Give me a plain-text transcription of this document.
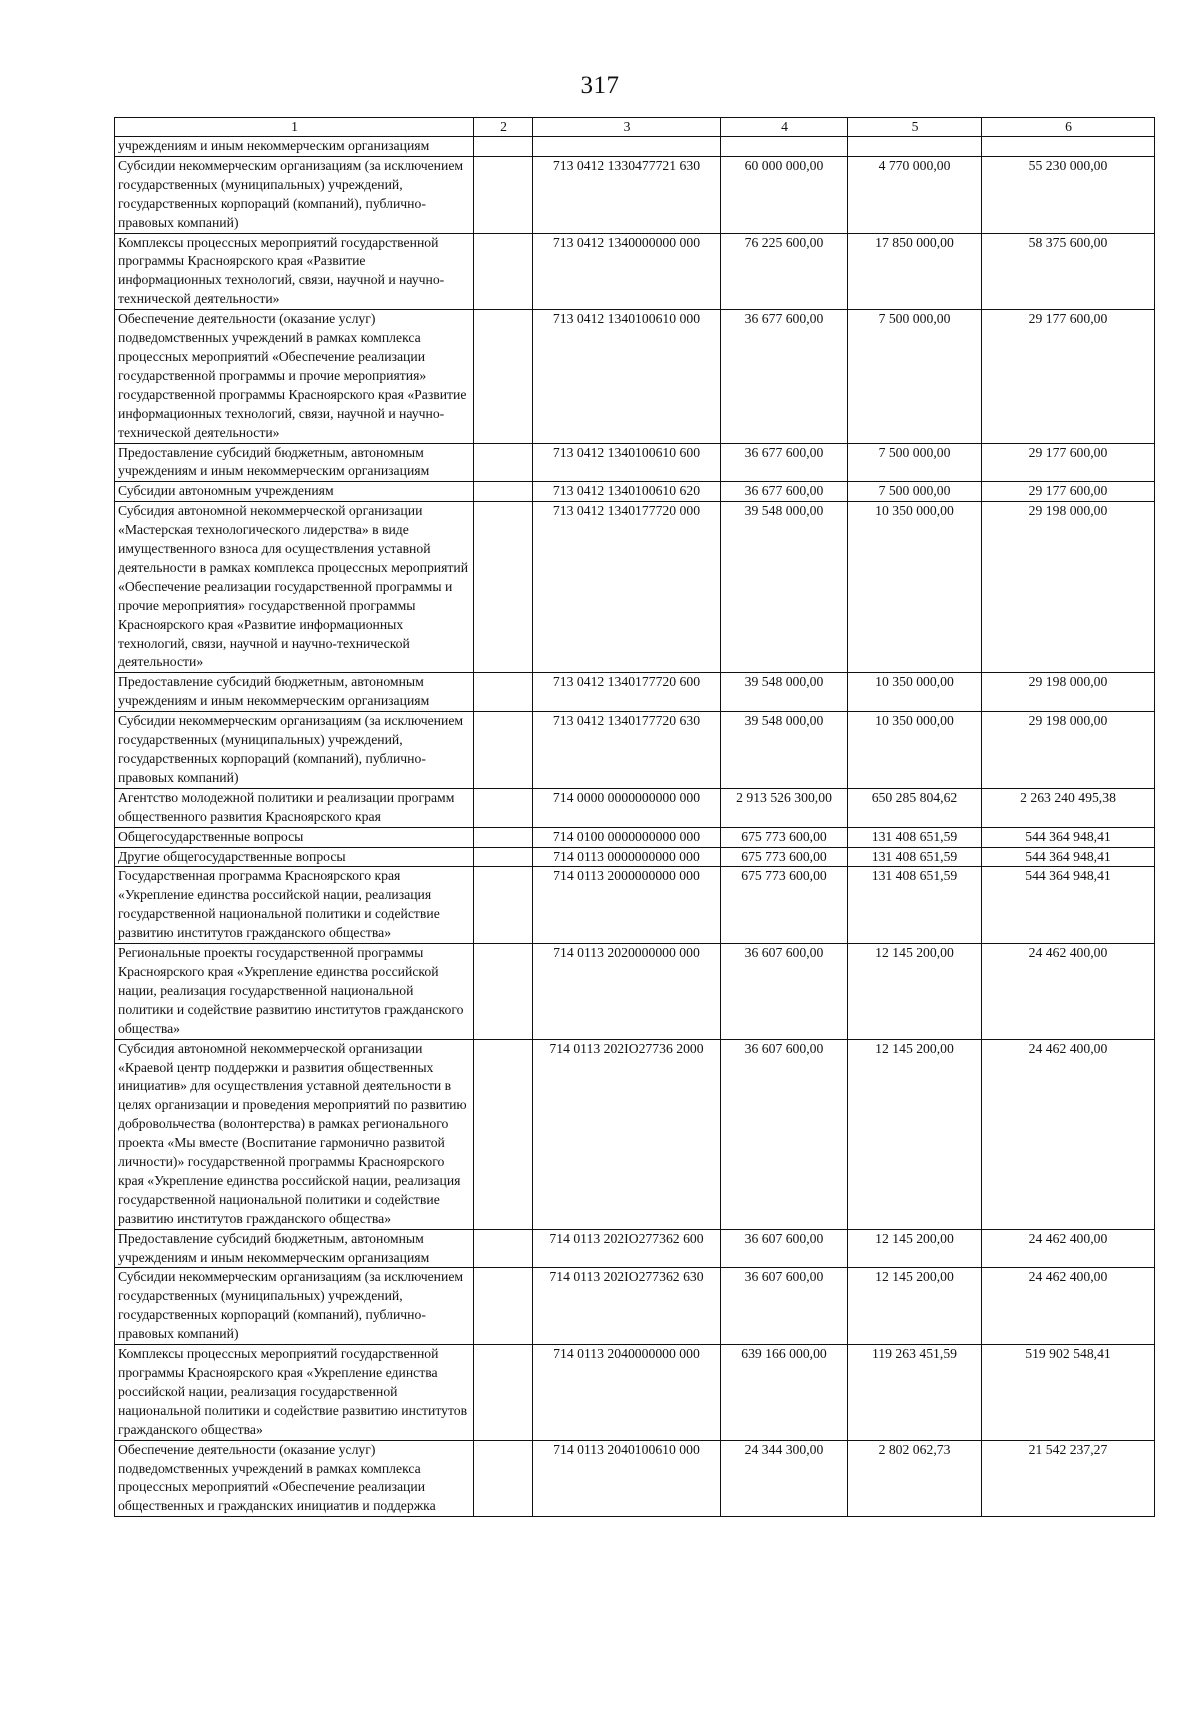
317
1	2	3	4	5	6
учреждениям и иным некоммерческим организациям					
Субсидии некоммерческим организациям (за исключением государственных (муниципальных) учреждений, государственных корпораций (компаний), публично-правовых компаний)		713 0412 1330477721 630	60 000 000,00	4 770 000,00	55 230 000,00
Комплексы процессных мероприятий государственной программы Красноярского края «Развитие информационных технологий, связи, научной и научно-технической деятельности»		713 0412 1340000000 000	76 225 600,00	17 850 000,00	58 375 600,00
Обеспечение деятельности (оказание услуг) подведомственных учреждений в рамках комплекса процессных мероприятий «Обеспечение реализации государственной программы и прочие мероприятия» государственной программы Красноярского края «Развитие информационных технологий, связи, научной и научно-технической деятельности»		713 0412 1340100610 000	36 677 600,00	7 500 000,00	29 177 600,00
Предоставление субсидий бюджетным, автономным учреждениям и иным некоммерческим организациям		713 0412 1340100610 600	36 677 600,00	7 500 000,00	29 177 600,00
Субсидии автономным учреждениям		713 0412 1340100610 620	36 677 600,00	7 500 000,00	29 177 600,00
Субсидия автономной некоммерческой организации «Мастерская технологического лидерства» в виде имущественного взноса для осуществления уставной деятельности в рамках комплекса процессных мероприятий «Обеспечение реализации государственной программы и прочие мероприятия» государственной программы Красноярского края «Развитие информационных технологий, связи, научной и научно-технической деятельности»		713 0412 1340177720 000	39 548 000,00	10 350 000,00	29 198 000,00
Предоставление субсидий бюджетным, автономным учреждениям и иным некоммерческим организациям		713 0412 1340177720 600	39 548 000,00	10 350 000,00	29 198 000,00
Субсидии некоммерческим организациям (за исключением государственных (муниципальных) учреждений, государственных корпораций (компаний), публично-правовых компаний)		713 0412 1340177720 630	39 548 000,00	10 350 000,00	29 198 000,00
Агентство молодежной политики и реализации программ общественного развития Красноярского края		714 0000 0000000000 000	2 913 526 300,00	650 285 804,62	2 263 240 495,38
Общегосударственные вопросы		714 0100 0000000000 000	675 773 600,00	131 408 651,59	544 364 948,41
Другие общегосударственные вопросы		714 0113 0000000000 000	675 773 600,00	131 408 651,59	544 364 948,41
Государственная программа Красноярского края «Укрепление единства российской нации, реализация государственной национальной политики и содействие развитию институтов гражданского общества»		714 0113 2000000000 000	675 773 600,00	131 408 651,59	544 364 948,41
Региональные проекты государственной программы Красноярского края «Укрепление единства российской нации, реализация государственной национальной политики и содействие развитию институтов гражданского общества»		714 0113 2020000000 000	36 607 600,00	12 145 200,00	24 462 400,00
Субсидия автономной некоммерческой организации «Краевой центр поддержки и развития общественных инициатив» для осуществления уставной деятельности в целях организации и проведения мероприятий по развитию добровольчества (волонтерства) в рамках регионального проекта «Мы вместе (Воспитание гармонично развитой личности)» государственной программы Красноярского края «Укрепление единства российской нации, реализация государственной национальной политики и содействие развитию институтов гражданского общества»		714 0113 202IO27736 2000	36 607 600,00	12 145 200,00	24 462 400,00
Предоставление субсидий бюджетным, автономным учреждениям и иным некоммерческим организациям		714 0113 202IO277362 600	36 607 600,00	12 145 200,00	24 462 400,00
Субсидии некоммерческим организациям (за исключением государственных (муниципальных) учреждений, государственных корпораций (компаний), публично-правовых компаний)		714 0113 202IO277362 630	36 607 600,00	12 145 200,00	24 462 400,00
Комплексы процессных мероприятий государственной программы Красноярского края «Укрепление единства российской нации, реализация государственной национальной политики и содействие развитию институтов гражданского общества»		714 0113 2040000000 000	639 166 000,00	119 263 451,59	519 902 548,41
Обеспечение деятельности (оказание услуг) подведомственных учреждений в рамках комплекса процессных мероприятий «Обеспечение реализации общественных и гражданских инициатив и поддержка		714 0113 2040100610 000	24 344 300,00	2 802 062,73	21 542 237,27
